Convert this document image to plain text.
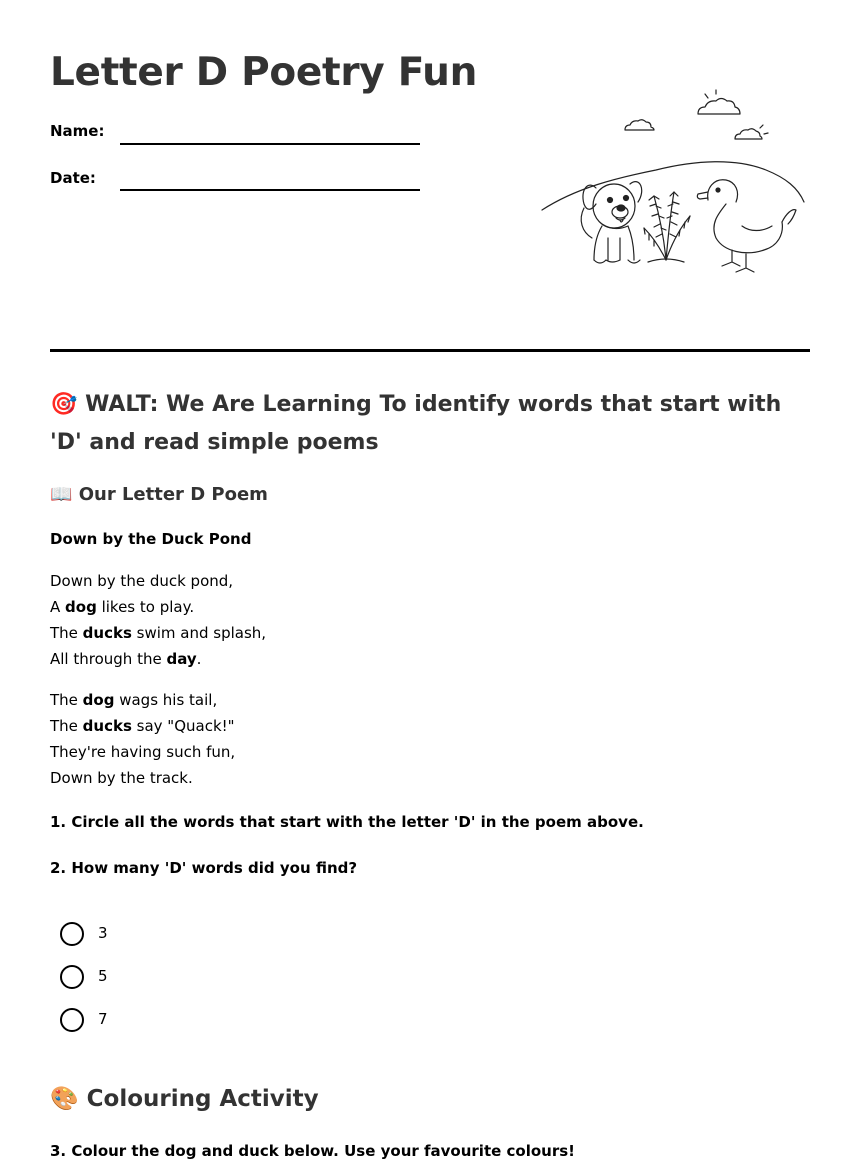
Letter D Poetry Fun
Name:
Date:
🎯 WALT: We Are Learning To identify words that start with 'D' and read simple poems
📖 Our Letter D Poem
Down by the Duck Pond
Down by the duck pond,
A dog likes to play.
The ducks swim and splash,
All through the day.
The dog wags his tail,
The ducks say "Quack!"
They're having such fun,
Down by the track.
1. Circle all the words that start with the letter 'D' in the poem above.
2. How many 'D' words did you find?
3
5
7
🎨 Colouring Activity
3. Colour the dog and duck below. Use your favourite colours!
